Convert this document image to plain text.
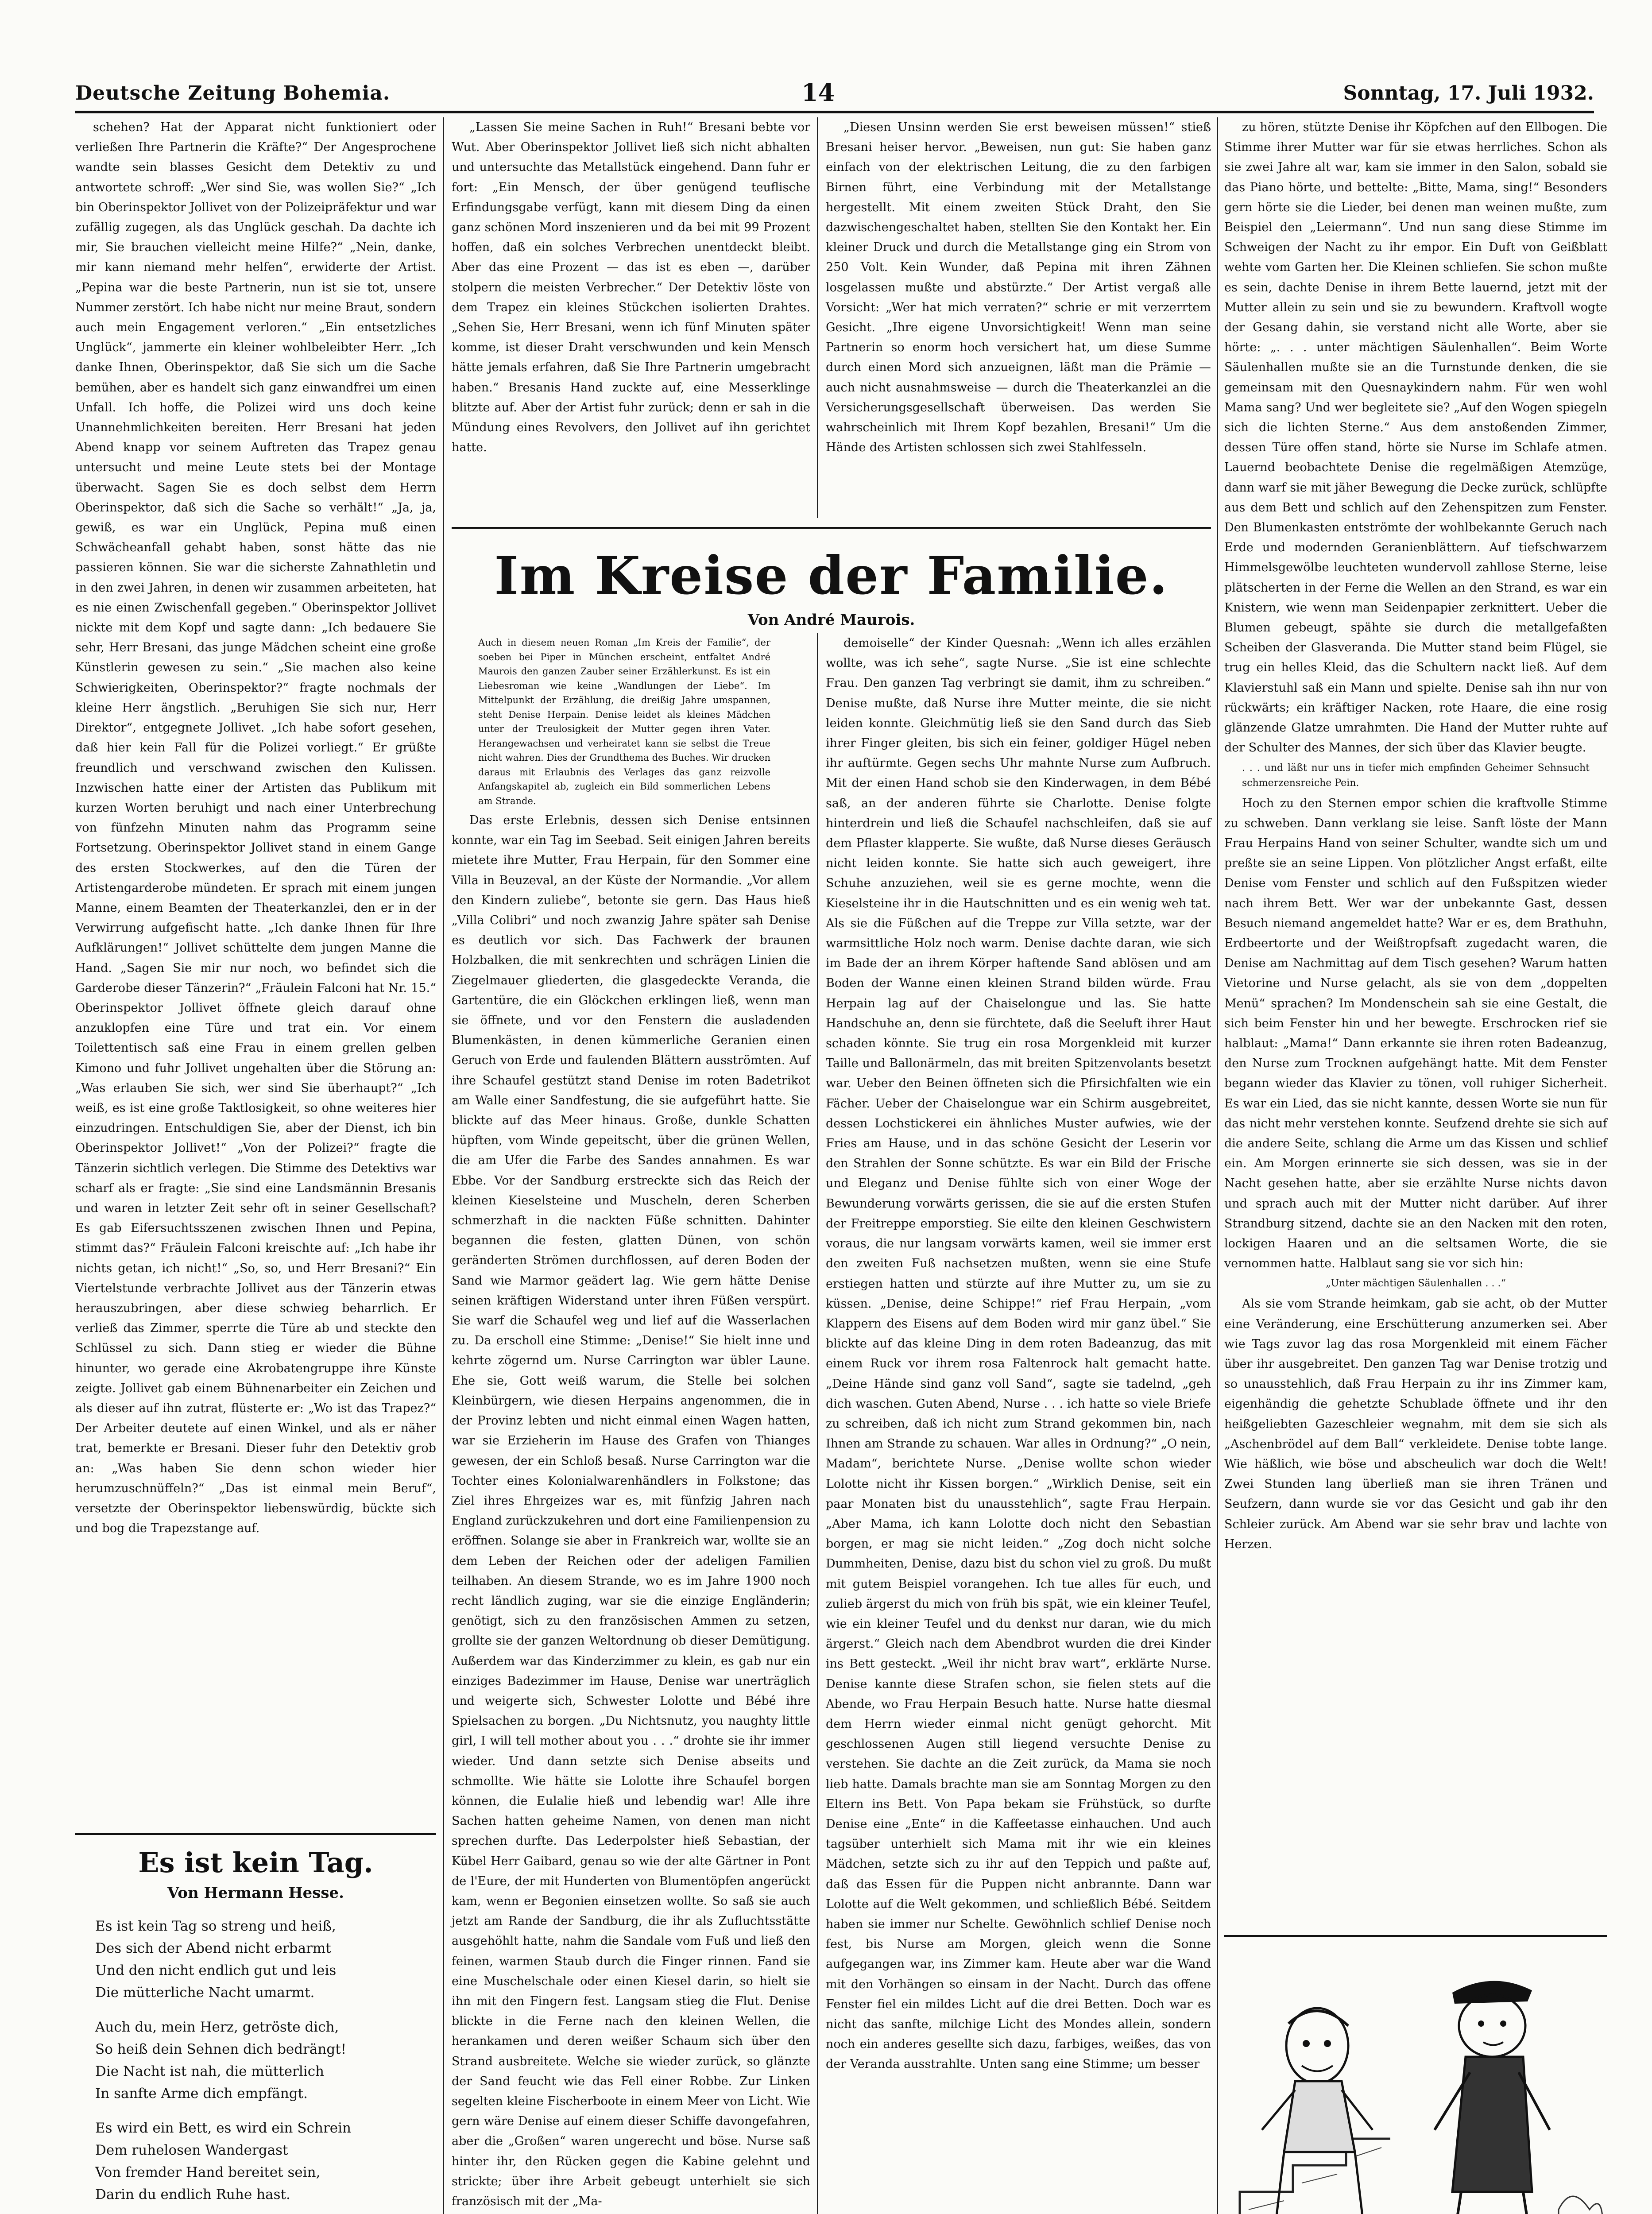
Deutsche Zeitung Bohemia.	14	Sonntag, 17. Juli 1932.

schehen? Hat der Apparat nicht funktioniert oder verließen Ihre Partnerin die Kräfte?“ Der Angesprochene wandte sein blasses Gesicht dem Detektiv zu und antwortete schroff: „Wer sind Sie, was wollen Sie?“ „Ich bin Oberinspektor Jollivet von der Polizeipräfektur und war zufällig zugegen, als das Unglück geschah. Da dachte ich mir, Sie brauchen vielleicht meine Hilfe?“ „Nein, danke, mir kann niemand mehr helfen“, erwiderte der Artist. „Pepina war die beste Partnerin, nun ist sie tot, unsere Nummer zerstört. Ich habe nicht nur meine Braut, sondern auch mein Engagement verloren.“ „Ein entsetzliches Unglück“, jammerte ein kleiner wohlbeleibter Herr. „Ich danke Ihnen, Oberinspektor, daß Sie sich um die Sache bemühen, aber es handelt sich ganz einwandfrei um einen Unfall. Ich hoffe, die Polizei wird uns doch keine Unannehmlichkeiten bereiten. Herr Bresani hat jeden Abend knapp vor seinem Auftreten das Trapez genau untersucht und meine Leute stets bei der Montage überwacht. Sagen Sie es doch selbst dem Herrn Oberinspektor, daß sich die Sache so verhält!“ „Ja, ja, gewiß, es war ein Unglück, Pepina muß einen Schwächeanfall gehabt haben, sonst hätte das nie passieren können. Sie war die sicherste Zahnathletin und in den zwei Jahren, in denen wir zusammen arbeiteten, hat es nie einen Zwischenfall gegeben.“ Oberinspektor Jollivet nickte mit dem Kopf und sagte dann: „Ich bedauere Sie sehr, Herr Bresani, das junge Mädchen scheint eine große Künstlerin gewesen zu sein.“ „Sie machen also keine Schwierigkeiten, Oberinspektor?“ fragte nochmals der kleine Herr ängstlich. „Beruhigen Sie sich nur, Herr Direktor“, entgegnete Jollivet. „Ich habe sofort gesehen, daß hier kein Fall für die Polizei vorliegt.“ Er grüßte freundlich und verschwand zwischen den Kulissen. Inzwischen hatte einer der Artisten das Publikum mit kurzen Worten beruhigt und nach einer Unterbrechung von fünfzehn Minuten nahm das Programm seine Fortsetzung. Oberinspektor Jollivet stand in einem Gange des ersten Stockwerkes, auf den die Türen der Artistengarderobe mündeten. Er sprach mit einem jungen Manne, einem Beamten der Theaterkanzlei, den er in der Verwirrung aufgefischt hatte. „Ich danke Ihnen für Ihre Aufklärungen!“ Jollivet schüttelte dem jungen Manne die Hand. „Sagen Sie mir nur noch, wo befindet sich die Garderobe dieser Tänzerin?“ „Fräulein Falconi hat Nr. 15.“ Oberinspektor Jollivet öffnete gleich darauf ohne anzuklopfen eine Türe und trat ein. Vor einem Toilettentisch saß eine Frau in einem grellen gelben Kimono und fuhr Jollivet ungehalten über die Störung an: „Was erlauben Sie sich, wer sind Sie überhaupt?“ „Ich weiß, es ist eine große Taktlosigkeit, so ohne weiteres hier einzudringen. Entschuldigen Sie, aber der Dienst, ich bin Oberinspektor Jollivet!“ „Von der Polizei?“ fragte die Tänzerin sichtlich verlegen. Die Stimme des Detektivs war scharf als er fragte: „Sie sind eine Landsmännin Bresanis und waren in letzter Zeit sehr oft in seiner Gesellschaft? Es gab Eifersuchtsszenen zwischen Ihnen und Pepina, stimmt das?“ Fräulein Falconi kreischte auf: „Ich habe ihr nichts getan, ich nicht!“ „So, so, und Herr Bresani?“ Ein Viertelstunde verbrachte Jollivet aus der Tänzerin etwas herauszubringen, aber diese schwieg beharrlich. Er verließ das Zimmer, sperrte die Türe ab und steckte den Schlüssel zu sich. Dann stieg er wieder die Bühne hinunter, wo gerade eine Akrobatengruppe ihre Künste zeigte. Jollivet gab einem Bühnenarbeiter ein Zeichen und als dieser auf ihn zutrat, flüsterte er: „Wo ist das Trapez?“ Der Arbeiter deutete auf einen Winkel, und als er näher trat, bemerkte er Bresani. Dieser fuhr den Detektiv grob an: „Was haben Sie denn schon wieder hier herumzuschnüffeln?“ „Das ist einmal mein Beruf“, versetzte der Oberinspektor liebenswürdig, bückte sich und bog die Trapezstange auf.

Es ist kein Tag.
Von Hermann Hesse.
Es ist kein Tag so streng und heiß,
Des sich der Abend nicht erbarmt
Und den nicht endlich gut und leis
Die mütterliche Nacht umarmt.
Auch du, mein Herz, getröste dich,
So heiß dein Sehnen dich bedrängt!
Die Nacht ist nah, die mütterlich
In sanfte Arme dich empfängt.
Es wird ein Bett, es wird ein Schrein
Dem ruhelosen Wandergast
Von fremder Hand bereitet sein,
Darin du endlich Ruhe hast.

„Lassen Sie meine Sachen in Ruh!“ Bresani bebte vor Wut. Aber Oberinspektor Jollivet ließ sich nicht abhalten und untersuchte das Metallstück eingehend. Dann fuhr er fort: „Ein Mensch, der über genügend teuflische Erfindungsgabe verfügt, kann mit diesem Ding da einen ganz schönen Mord inszenieren und da bei mit 99 Prozent hoffen, daß ein solches Verbrechen unentdeckt bleibt. Aber das eine Prozent — das ist es eben —, darüber stolpern die meisten Verbrecher.“ Der Detektiv löste von dem Trapez ein kleines Stückchen isolierten Drahtes. „Sehen Sie, Herr Bresani, wenn ich fünf Minuten später komme, ist dieser Draht verschwunden und kein Mensch hätte jemals erfahren, daß Sie Ihre Partnerin umgebracht haben.“ Bresanis Hand zuckte auf, eine Messerklinge blitzte auf. Aber der Artist fuhr zurück; denn er sah in die Mündung eines Revolvers, den Jollivet auf ihn gerichtet hatte.

„Diesen Unsinn werden Sie erst beweisen müssen!“ stieß Bresani heiser hervor. „Beweisen, nun gut: Sie haben ganz einfach von der elektrischen Leitung, die zu den farbigen Birnen führt, eine Verbindung mit der Metallstange hergestellt. Mit einem zweiten Stück Draht, den Sie dazwischengeschaltet haben, stellten Sie den Kontakt her. Ein kleiner Druck und durch die Metallstange ging ein Strom von 250 Volt. Kein Wunder, daß Pepina mit ihren Zähnen losgelassen mußte und abstürzte.“ Der Artist vergaß alle Vorsicht: „Wer hat mich verraten?“ schrie er mit verzerrtem Gesicht. „Ihre eigene Unvorsichtigkeit! Wenn man seine Partnerin so enorm hoch versichert hat, um diese Summe durch einen Mord sich anzueignen, läßt man die Prämie — auch nicht ausnahmsweise — durch die Theaterkanzlei an die Versicherungsgesellschaft überweisen. Das werden Sie wahrscheinlich mit Ihrem Kopf bezahlen, Bresani!“ Um die Hände des Artisten schlossen sich zwei Stahlfesseln.

Im Kreise der Familie.
Von André Maurois.
Auch in diesem neuen Roman „Im Kreis der Familie“, der soeben bei Piper in München erscheint, entfaltet André Maurois den ganzen Zauber seiner Erzählerkunst. Es ist ein Liebesroman wie keine „Wandlungen der Liebe“. Im Mittelpunkt der Erzählung, die dreißig Jahre umspannen, steht Denise Herpain. Denise leidet als kleines Mädchen unter der Treulosigkeit der Mutter gegen ihren Vater. Herangewachsen und verheiratet kann sie selbst die Treue nicht wahren. Dies der Grundthema des Buches. Wir drucken daraus mit Erlaubnis des Verlages das ganz reizvolle Anfangskapitel ab, zugleich ein Bild sommerlichen Lebens am Strande.

Das erste Erlebnis, dessen sich Denise entsinnen konnte, war ein Tag im Seebad. Seit einigen Jahren bereits mietete ihre Mutter, Frau Herpain, für den Sommer eine Villa in Beuzeval, an der Küste der Normandie. „Vor allem den Kindern zuliebe“, betonte sie gern. Das Haus hieß „Villa Colibri“ und noch zwanzig Jahre später sah Denise es deutlich vor sich. Das Fachwerk der braunen Holzbalken, die mit senkrechten und schrägen Linien die Ziegelmauer gliederten, die glasgedeckte Veranda, die Gartentüre, die ein Glöckchen erklingen ließ, wenn man sie öffnete, und vor den Fenstern die ausladenden Blumenkästen, in denen kümmerliche Geranien einen Geruch von Erde und faulenden Blättern ausströmten. Auf ihre Schaufel gestützt stand Denise im roten Badetrikot am Walle einer Sandfestung, die sie aufgeführt hatte. Sie blickte auf das Meer hinaus. Große, dunkle Schatten hüpften, vom Winde gepeitscht, über die grünen Wellen, die am Ufer die Farbe des Sandes annahmen. Es war Ebbe. Vor der Sandburg erstreckte sich das Reich der kleinen Kieselsteine und Muscheln, deren Scherben schmerzhaft in die nackten Füße schnitten. Dahinter begannen die festen, glatten Dünen, von schön geränderten Strömen durchflossen, auf deren Boden der Sand wie Marmor geädert lag. Wie gern hätte Denise seinen kräftigen Widerstand unter ihren Füßen verspürt. Sie warf die Schaufel weg und lief auf die Wasserlachen zu. Da erscholl eine Stimme: „Denise!“ Sie hielt inne und kehrte zögernd um. Nurse Carrington war übler Laune. Ehe sie, Gott weiß warum, die Stelle bei solchen Kleinbürgern, wie diesen Herpains angenommen, die in der Provinz lebten und nicht einmal einen Wagen hatten, war sie Erzieherin im Hause des Grafen von Thianges gewesen, der ein Schloß besaß. Nurse Carrington war die Tochter eines Kolonialwarenhändlers in Folkstone; das Ziel ihres Ehrgeizes war es, mit fünfzig Jahren nach England zurückzukehren und dort eine Familienpension zu eröffnen. Solange sie aber in Frankreich war, wollte sie an dem Leben der Reichen oder der adeligen Familien teilhaben. An diesem Strande, wo es im Jahre 1900 noch recht ländlich zuging, war sie die einzige Engländerin; genötigt, sich zu den französischen Ammen zu setzen, grollte sie der ganzen Weltordnung ob dieser Demütigung. Außerdem war das Kinderzimmer zu klein, es gab nur ein einziges Badezimmer im Hause, Denise war unerträglich und weigerte sich, Schwester Lolotte und Bébé ihre Spielsachen zu borgen. „Du Nichtsnutz, you naughty little girl, I will tell mother about you . . .“ drohte sie ihr immer wieder. Und dann setzte sich Denise abseits und schmollte. Wie hätte sie Lolotte ihre Schaufel borgen können, die Eulalie hieß und lebendig war! Alle ihre Sachen hatten geheime Namen, von denen man nicht sprechen durfte. Das Lederpolster hieß Sebastian, der Kübel Herr Gaibard, genau so wie der alte Gärtner in Pont de l'Eure, der mit Hunderten von Blumentöpfen angerückt kam, wenn er Begonien einsetzen wollte. So saß sie auch jetzt am Rande der Sandburg, die ihr als Zufluchtsstätte ausgehöhlt hatte, nahm die Sandale vom Fuß und ließ den feinen, warmen Staub durch die Finger rinnen. Fand sie eine Muschelschale oder einen Kiesel darin, so hielt sie ihn mit den Fingern fest. Langsam stieg die Flut. Denise blickte in die Ferne nach den kleinen Wellen, die herankamen und deren weißer Schaum sich über den Strand ausbreitete. Welche sie wieder zurück, so glänzte der Sand feucht wie das Fell einer Robbe. Zur Linken segelten kleine Fischerboote in einem Meer von Licht. Wie gern wäre Denise auf einem dieser Schiffe davongefahren, aber die „Großen“ waren ungerecht und böse. Nurse saß hinter ihr, den Rücken gegen die Kabine gelehnt und strickte; über ihre Arbeit gebeugt unterhielt sie sich französisch mit der „Ma-

demoiselle“ der Kinder Quesnah: „Wenn ich alles erzählen wollte, was ich sehe“, sagte Nurse. „Sie ist eine schlechte Frau. Den ganzen Tag verbringt sie damit, ihm zu schreiben.“ Denise mußte, daß Nurse ihre Mutter meinte, die sie nicht leiden konnte. Gleichmütig ließ sie den Sand durch das Sieb ihrer Finger gleiten, bis sich ein feiner, goldiger Hügel neben ihr auftürmte. Gegen sechs Uhr mahnte Nurse zum Aufbruch. Mit der einen Hand schob sie den Kinderwagen, in dem Bébé saß, an der anderen führte sie Charlotte. Denise folgte hinterdrein und ließ die Schaufel nachschleifen, daß sie auf dem Pflaster klapperte. Sie wußte, daß Nurse dieses Geräusch nicht leiden konnte. Sie hatte sich auch geweigert, ihre Schuhe anzuziehen, weil sie es gerne mochte, wenn die Kieselsteine ihr in die Hautschnitten und es ein wenig weh tat. Als sie die Füßchen auf die Treppe zur Villa setzte, war der warmsittliche Holz noch warm. Denise dachte daran, wie sich im Bade der an ihrem Körper haftende Sand ablösen und am Boden der Wanne einen kleinen Strand bilden würde. Frau Herpain lag auf der Chaiselongue und las. Sie hatte Handschuhe an, denn sie fürchtete, daß die Seeluft ihrer Haut schaden könnte. Sie trug ein rosa Morgenkleid mit kurzer Taille und Ballonärmeln, das mit breiten Spitzenvolants besetzt war. Ueber den Beinen öffneten sich die Pfirsichfalten wie ein Fächer. Ueber der Chaiselongue war ein Schirm ausgebreitet, dessen Lochstickerei ein ähnliches Muster aufwies, wie der Fries am Hause, und in das schöne Gesicht der Leserin vor den Strahlen der Sonne schützte. Es war ein Bild der Frische und Eleganz und Denise fühlte sich von einer Woge der Bewunderung vorwärts gerissen, die sie auf die ersten Stufen der Freitreppe emporstieg. Sie eilte den kleinen Geschwistern voraus, die nur langsam vorwärts kamen, weil sie immer erst den zweiten Fuß nachsetzen mußten, wenn sie eine Stufe erstiegen hatten und stürzte auf ihre Mutter zu, um sie zu küssen. „Denise, deine Schippe!“ rief Frau Herpain, „vom Klappern des Eisens auf dem Boden wird mir ganz übel.“ Sie blickte auf das kleine Ding in dem roten Badeanzug, das mit einem Ruck vor ihrem rosa Faltenrock halt gemacht hatte. „Deine Hände sind ganz voll Sand“, sagte sie tadelnd, „geh dich waschen. Guten Abend, Nurse . . . ich hatte so viele Briefe zu schreiben, daß ich nicht zum Strand gekommen bin, nach Ihnen am Strande zu schauen. War alles in Ordnung?“ „O nein, Madam“, berichtete Nurse. „Denise wollte schon wieder Lolotte nicht ihr Kissen borgen.“ „Wirklich Denise, seit ein paar Monaten bist du unausstehlich“, sagte Frau Herpain. „Aber Mama, ich kann Lolotte doch nicht den Sebastian borgen, er mag sie nicht leiden.“ „Zog doch nicht solche Dummheiten, Denise, dazu bist du schon viel zu groß. Du mußt mit gutem Beispiel vorangehen. Ich tue alles für euch, und zulieb ärgerst du mich von früh bis spät, wie ein kleiner Teufel, wie ein kleiner Teufel und du denkst nur daran, wie du mich ärgerst.“ Gleich nach dem Abendbrot wurden die drei Kinder ins Bett gesteckt. „Weil ihr nicht brav wart“, erklärte Nurse. Denise kannte diese Strafen schon, sie fielen stets auf die Abende, wo Frau Herpain Besuch hatte. Nurse hatte diesmal dem Herrn wieder einmal nicht genügt gehorcht. Mit geschlossenen Augen still liegend versuchte Denise zu verstehen. Sie dachte an die Zeit zurück, da Mama sie noch lieb hatte. Damals brachte man sie am Sonntag Morgen zu den Eltern ins Bett. Von Papa bekam sie Frühstück, so durfte Denise eine „Ente“ in die Kaffeetasse einhauchen. Und auch tagsüber unterhielt sich Mama mit ihr wie ein kleines Mädchen, setzte sich zu ihr auf den Teppich und paßte auf, daß das Essen für die Puppen nicht anbrannte. Dann war Lolotte auf die Welt gekommen, und schließlich Bébé. Seitdem haben sie immer nur Schelte. Gewöhnlich schlief Denise noch fest, bis Nurse am Morgen, gleich wenn die Sonne aufgegangen war, ins Zimmer kam. Heute aber war die Wand mit den Vorhängen so einsam in der Nacht. Durch das offene Fenster fiel ein mildes Licht auf die drei Betten. Doch war es nicht das sanfte, milchige Licht des Mondes allein, sondern noch ein anderes gesellte sich dazu, farbiges, weißes, das von der Veranda ausstrahlte. Unten sang eine Stimme; um besser

zu hören, stützte Denise ihr Köpfchen auf den Ellbogen. Die Stimme ihrer Mutter war für sie etwas herrliches. Schon als sie zwei Jahre alt war, kam sie immer in den Salon, sobald sie das Piano hörte, und bettelte: „Bitte, Mama, sing!“ Besonders gern hörte sie die Lieder, bei denen man weinen mußte, zum Beispiel den „Leiermann“. Und nun sang diese Stimme im Schweigen der Nacht zu ihr empor. Ein Duft von Geißblatt wehte vom Garten her. Die Kleinen schliefen. Sie schon mußte es sein, dachte Denise in ihrem Bette lauernd, jetzt mit der Mutter allein zu sein und sie zu bewundern. Kraftvoll wogte der Gesang dahin, sie verstand nicht alle Worte, aber sie hörte: „. . . unter mächtigen Säulenhallen“. Beim Worte Säulenhallen mußte sie an die Turnstunde denken, die sie gemeinsam mit den Quesnaykindern nahm. Für wen wohl Mama sang? Und wer begleitete sie? „Auf den Wogen spiegeln sich die lichten Sterne.“ Aus dem anstoßenden Zimmer, dessen Türe offen stand, hörte sie Nurse im Schlafe atmen. Lauernd beobachtete Denise die regelmäßigen Atemzüge, dann warf sie mit jäher Bewegung die Decke zurück, schlüpfte aus dem Bett und schlich auf den Zehenspitzen zum Fenster. Den Blumenkasten entströmte der wohlbekannte Geruch nach Erde und modernden Geranienblättern. Auf tiefschwarzem Himmelsgewölbe leuchteten wundervoll zahllose Sterne, leise plätscherten in der Ferne die Wellen an den Strand, es war ein Knistern, wie wenn man Seidenpapier zerknittert. Ueber die Blumen gebeugt, spähte sie durch die metallgefaßten Scheiben der Glasveranda. Die Mutter stand beim Flügel, sie trug ein helles Kleid, das die Schultern nackt ließ. Auf dem Klavierstuhl saß ein Mann und spielte. Denise sah ihn nur von rückwärts; ein kräftiger Nacken, rote Haare, die eine rosig glänzende Glatze umrahmten. Die Hand der Mutter ruhte auf der Schulter des Mannes, der sich über das Klavier beugte.

. . . und läßt nur uns in tiefer mich empfinden Geheimer Sehnsucht schmerzensreiche Pein.

Hoch zu den Sternen empor schien die kraftvolle Stimme zu schweben. Dann verklang sie leise. Sanft löste der Mann Frau Herpains Hand von seiner Schulter, wandte sich um und preßte sie an seine Lippen. Von plötzlicher Angst erfaßt, eilte Denise vom Fenster und schlich auf den Fußspitzen wieder nach ihrem Bett. Wer war der unbekannte Gast, dessen Besuch niemand angemeldet hatte? War er es, dem Brathuhn, Erdbeertorte und der Weißtropfsaft zugedacht waren, die Denise am Nachmittag auf dem Tisch gesehen? Warum hatten Vietorine und Nurse gelacht, als sie von dem „doppelten Menü“ sprachen? Im Mondenschein sah sie eine Gestalt, die sich beim Fenster hin und her bewegte. Erschrocken rief sie halblaut: „Mama!“ Dann erkannte sie ihren roten Badeanzug, den Nurse zum Trocknen aufgehängt hatte. Mit dem Fenster begann wieder das Klavier zu tönen, voll ruhiger Sicherheit. Es war ein Lied, das sie nicht kannte, dessen Worte sie nun für das nicht mehr verstehen konnte. Seufzend drehte sie sich auf die andere Seite, schlang die Arme um das Kissen und schlief ein. Am Morgen erinnerte sie sich dessen, was sie in der Nacht gesehen hatte, aber sie erzählte Nurse nichts davon und sprach auch mit der Mutter nicht darüber. Auf ihrer Strandburg sitzend, dachte sie an den Nacken mit den roten, lockigen Haaren und an die seltsamen Worte, die sie vernommen hatte. Halblaut sang sie vor sich hin:

„Unter mächtigen Säulenhallen . . .“

Als sie vom Strande heimkam, gab sie acht, ob der Mutter eine Veränderung, eine Erschütterung anzumerken sei. Aber wie Tags zuvor lag das rosa Morgenkleid mit einem Fächer über ihr ausgebreitet. Den ganzen Tag war Denise trotzig und so unausstehlich, daß Frau Herpain zu ihr ins Zimmer kam, eigenhändig die gehetzte Schublade öffnete und ihr den heißgeliebten Gazeschleier wegnahm, mit dem sie sich als „Aschenbrödel auf dem Ball“ verkleidete. Denise tobte lange. Wie häßlich, wie böse und abscheulich war doch die Welt! Zwei Stunden lang überließ man sie ihren Tränen und Seufzern, dann wurde sie vor das Gesicht und gab ihr den Schleier zurück. Am Abend war sie sehr brav und lachte von Herzen.
